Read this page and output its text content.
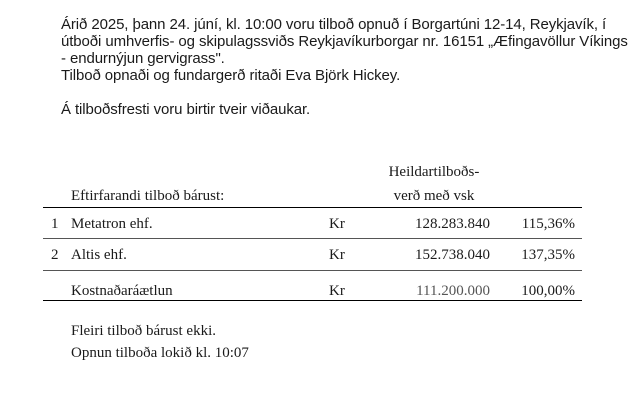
Árið 2025, þann 24. júní, kl. 10:00 voru tilboð opnuð í Borgartúni 12-14, Reykjavík, í
útboði umhverfis- og skipulagssviðs Reykjavíkurborgar nr. 16151 „Æfingavöllur Víkings
- endurnýjun gervigrass".
Tilboð opnaði og fundargerð ritaði Eva Björk Hickey.
Á tilboðsfresti voru birtir tveir viðaukar.
Eftirfarandi tilboð bárust:
Heildartilboðs-
verð með vsk
1 Metatron ehf.	Kr	128.283.840	115,36%
2 Altis ehf.	Kr	152.738.040	137,35%
Kostnaðaráætlun	Kr	111.200.000	100,00%
Fleiri tilboð bárust ekki.
Opnun tilboða lokið kl. 10:07
